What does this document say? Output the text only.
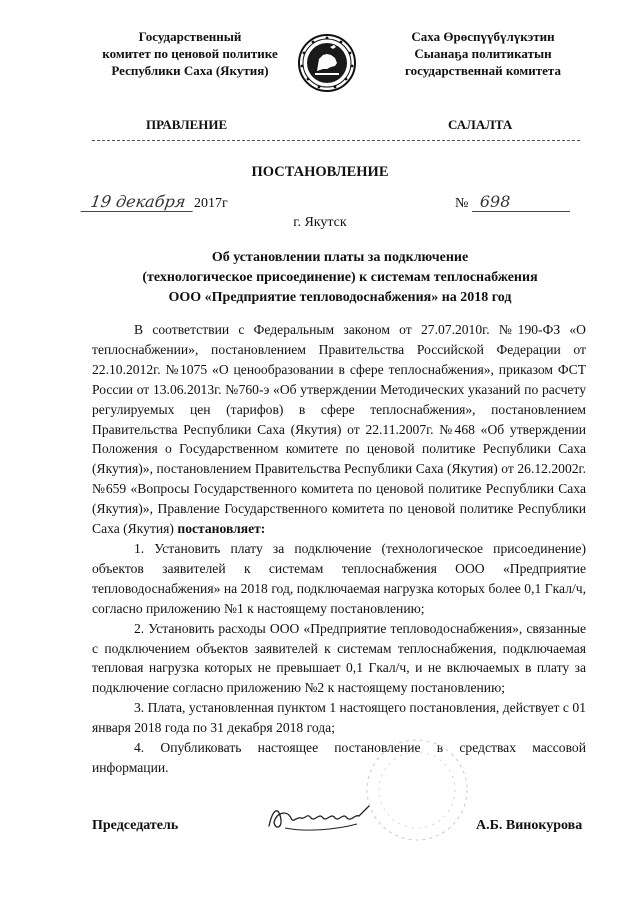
Государственный
комитет по ценовой политике
Республики Саха (Якутия)
Саха Өрөспүүбүлүкэтин
Сыанаҕа политикатын
государственнай комитета
ПРАВЛЕНИЕ	САЛАЛТА
ПОСТАНОВЛЕНИЕ
19 декабря 2017г	№ 698
г. Якутск
Об установлении платы за подключение
(технологическое присоединение) к системам теплоснабжения
ООО «Предприятие тепловодоснабжения» на 2018 год

В соответствии с Федеральным законом от 27.07.2010г. №190-ФЗ «О теплоснабжении», постановлением Правительства Российской Федерации от 22.10.2012г. №1075 «О ценообразовании в сфере теплоснабжения», приказом ФСТ России от 13.06.2013г. №760-э «Об утверждении Методических указаний по расчету регулируемых цен (тарифов) в сфере теплоснабжения», постановлением Правительства Республики Саха (Якутия) от 22.11.2007г. №468 «Об утверждении Положения о Государственном комитете по ценовой политике Республики Саха (Якутия)», постановлением Правительства Республики Саха (Якутия) от 26.12.2002г. №659 «Вопросы Государственного комитета по ценовой политике Республики Саха (Якутия)», Правление Государственного комитета по ценовой политике Республики Саха (Якутия) постановляет:

1. Установить плату за подключение (технологическое присоединение) объектов заявителей к системам теплоснабжения ООО «Предприятие тепловодоснабжения» на 2018 год, подключаемая нагрузка которых более 0,1 Гкал/ч, согласно приложению №1 к настоящему постановлению;

2. Установить расходы ООО «Предприятие тепловодоснабжения», связанные с подключением объектов заявителей к системам теплоснабжения, подключаемая тепловая нагрузка которых не превышает 0,1 Гкал/ч, и не включаемых в плату за подключение согласно приложению №2 к настоящему постановлению;

3. Плата, установленная пунктом 1 настоящего постановления, действует с 01 января 2018 года по 31 декабря 2018 года;

4. Опубликовать настоящее постановление в средствах массовой информации.

Председатель	А.Б. Винокурова
